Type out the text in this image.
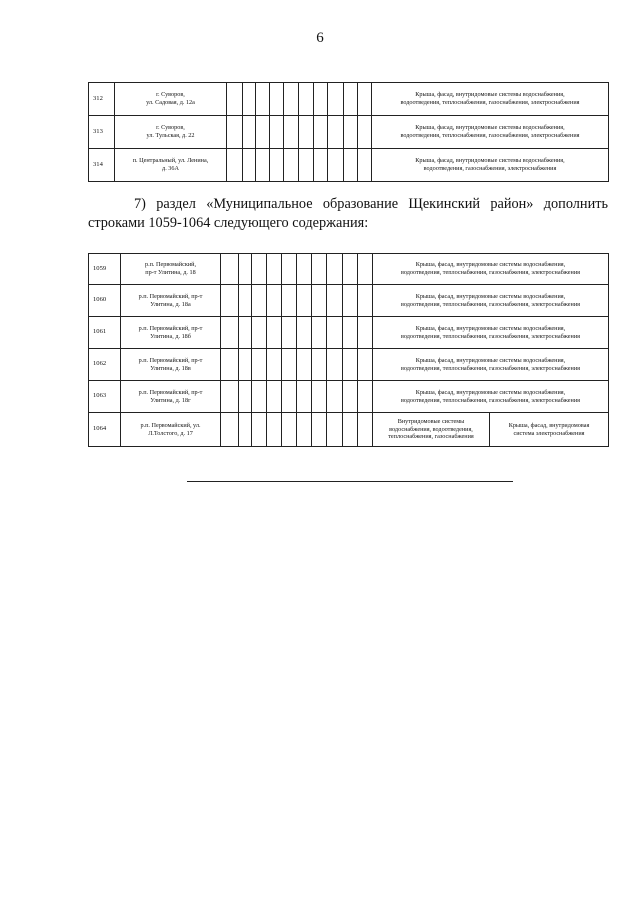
6
312	г. Суворов,
ул. Садовая, д. 12а											Крыша, фасад, внутридомовые системы водоснабжения,
водоотведения, теплоснабжения, газоснабжения, электроснабжения
313	г. Суворов,
ул. Тульская, д. 22											Крыша, фасад, внутридомовые системы водоснабжения,
водоотведения, теплоснабжения, газоснабжения, электроснабжения
314	п. Центральный, ул. Ленина,
д. 36А											Крыша, фасад, внутридомовые системы водоснабжения,
водоотведения, газоснабжения, электроснабжения
7) раздел «Муниципальное образование Щекинский район» дополнить строками 1059-1064 следующего содержания:
1059	р.п. Первомайский,
пр-т Улитина, д. 18											Крыша, фасад, внутридомовые системы водоснабжения,
водоотведения, теплоснабжения, газоснабжения, электроснабжения	
1060	р.п. Первомайский, пр-т
Улитина, д. 18а											Крыша, фасад, внутридомовые системы водоснабжения,
водоотведения, теплоснабжения, газоснабжения, электроснабжения	
1061	р.п. Первомайский, пр-т
Улитина, д. 18б											Крыша, фасад, внутридомовые системы водоснабжения,
водоотведения, теплоснабжения, газоснабжения, электроснабжения	
1062	р.п. Первомайский, пр-т
Улитина, д. 18в											Крыша, фасад, внутридомовые системы водоснабжения,
водоотведения, теплоснабжения, газоснабжения, электроснабжения	
1063	р.п. Первомайский, пр-т
Улитина, д. 18г											Крыша, фасад, внутридомовые системы водоснабжения,
водоотведения, теплоснабжения, газоснабжения, электроснабжения	
1064	р.п. Первомайский, ул.
Л.Толстого, д. 17											Внутридомовые системы
водоснабжения, водоотведения,
теплоснабжения, газоснабжения	Крыша, фасад, внутридомовая
система электроснабжения
